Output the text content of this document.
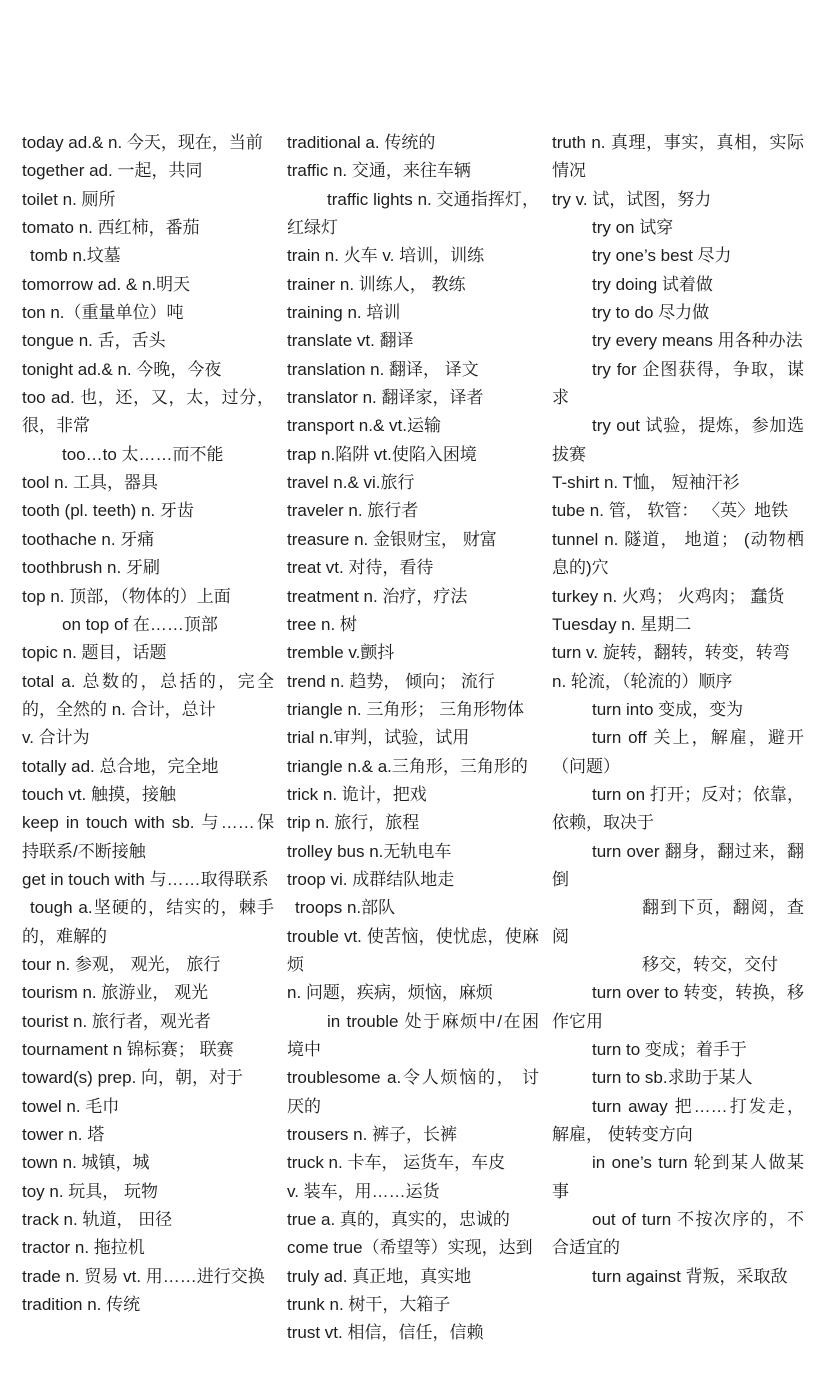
today ad.& n. 今天，现在，当前

together ad. 一起，共同

toilet n. 厕所

tomato n. 西红柿，番茄

tomb n.坟墓

tomorrow ad. & n.明天

ton n.（重量单位）吨

tongue n. 舌，舌头

tonight ad.& n. 今晚，今夜

too ad. 也，还，又，太，过分，很，非常

too…to 太……而不能

tool n. 工具，器具

tooth (pl. teeth) n. 牙齿

toothache n. 牙痛

toothbrush n. 牙刷

top n. 顶部，（物体的）上面

on top of 在……顶部

topic n. 题目，话题

total a. 总数的，总括的，完全的，全然的 n. 合计，总计

v. 合计为

totally ad. 总合地，完全地

touch vt. 触摸，接触

keep in touch with sb. 与……保持联系/不断接触

get in touch with 与……取得联系

tough a.坚硬的，结实的，棘手的，难解的

tour n. 参观， 观光， 旅行

tourism n. 旅游业， 观光

tourist n. 旅行者，观光者

tournament n 锦标赛； 联赛

toward(s) prep. 向，朝，对于

towel n. 毛巾

tower n. 塔

town n. 城镇，城

toy n. 玩具， 玩物

track n. 轨道， 田径

tractor n. 拖拉机

trade n. 贸易 vt. 用……进行交换

tradition n. 传统

traditional a. 传统的

traffic n. 交通，来往车辆

traffic lights n. 交通指挥灯，红绿灯

train n. 火车 v. 培训，训练

trainer n. 训练人， 教练

training n. 培训

translate vt. 翻译

translation n. 翻译， 译文

translator n. 翻译家，译者

transport n.& vt.运输

trap n.陷阱 vt.使陷入困境

travel n.& vi.旅行

traveler n. 旅行者

treasure n. 金银财宝， 财富

treat vt. 对待，看待

treatment n. 治疗，疗法

tree n. 树

tremble v.颤抖

trend n. 趋势， 倾向； 流行

triangle n. 三角形； 三角形物体

trial n.审判，试验，试用

triangle n.& a.三角形，三角形的

trick n. 诡计，把戏

trip n. 旅行，旅程

trolley bus n.无轨电车

troop vi. 成群结队地走

troops n.部队

trouble vt. 使苦恼，使忧虑，使麻烦

n. 问题，疾病，烦恼，麻烦

in trouble 处于麻烦中/在困境中

troublesome a.令人烦恼的， 讨厌的

trousers n. 裤子，长裤

truck n. 卡车， 运货车，车皮

v. 装车，用……运货

true a. 真的，真实的，忠诚的

come true（希望等）实现，达到

truly ad. 真正地，真实地

trunk n. 树干，大箱子

trust vt. 相信，信任，信赖

truth n. 真理，事实，真相，实际情况

try v. 试，试图，努力

try on 试穿

try one’s best 尽力

try doing 试着做

try to do 尽力做

try every means 用各种办法

try for 企图获得，争取，谋求

try out 试验，提炼，参加选拔赛

T-shirt n. T恤， 短袖汗衫

tube n. 管， 软管： 〈英〉地铁

tunnel n. 隧道， 地道； (动物栖息的)穴

turkey n. 火鸡； 火鸡肉； 蠢货

Tuesday n. 星期二

turn v. 旋转，翻转，转变，转弯

n. 轮流，（轮流的）顺序

turn into 变成，变为

turn off 关上，解雇，避开（问题）

turn on 打开；反对；依靠，依赖，取决于

turn over 翻身，翻过来，翻倒

翻到下页，翻阅，查阅

移交，转交，交付

turn over to 转变，转换，移作它用

turn to 变成；着手于

turn to sb.求助于某人

turn away 把……打发走，解雇， 使转变方向

in one’s turn 轮到某人做某事

out of turn 不按次序的，不合适宜的

turn against 背叛，采取敌
